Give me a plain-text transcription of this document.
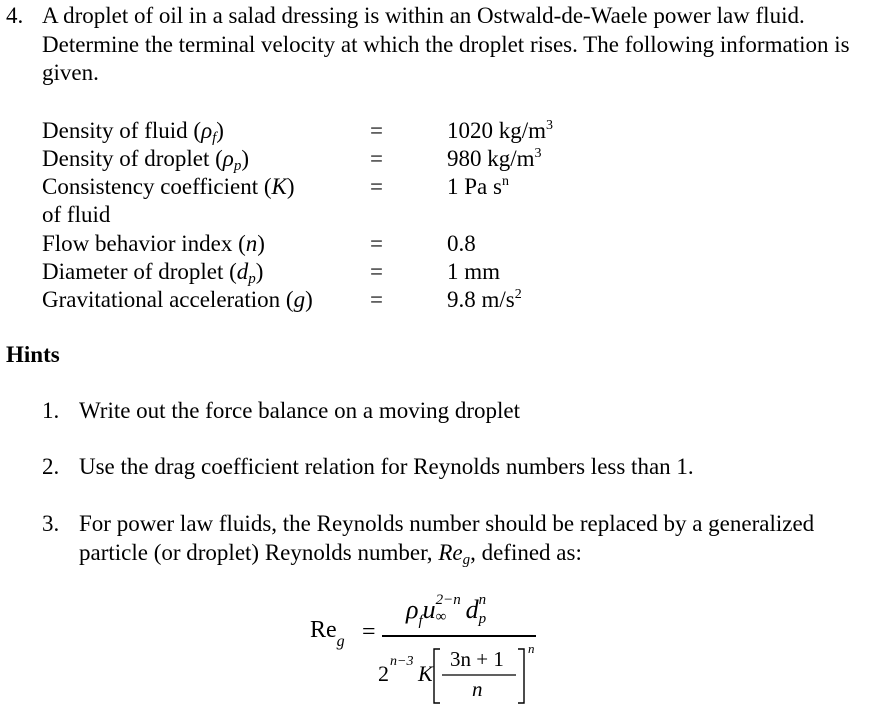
4. A droplet of oil in a salad dressing is within an Ostwald-de-Waele power law fluid. Determine the terminal velocity at which the droplet rises. The following information is given.
Density of fluid $(\rho_f)$	=	1020 $kg/m^3$
Density of droplet $(\rho_p)$	=	980 $kg/m^3$
Consistency coefficient (K)	=	1 Pa $s^n$
of fluid
Flow behavior index (n)	=	0.8
Diameter of droplet $(d_p)$	=	1 mm
Gravitational acceleration (g) =	9.8 $m/s^2$
Hints
1. Write out the force balance on a moving droplet
2. Use the drag coefficient relation for Reynolds numbers less than 1.
3. For power law fluids, the Reynolds number should be replaced by a generalized particle (or droplet) Reynolds number, $Re_g$, defined as:
$Re_g$ =
$\rho_fu$ 2−n
∞ d n
p
2 n−3 K
3n + 1
n
n
